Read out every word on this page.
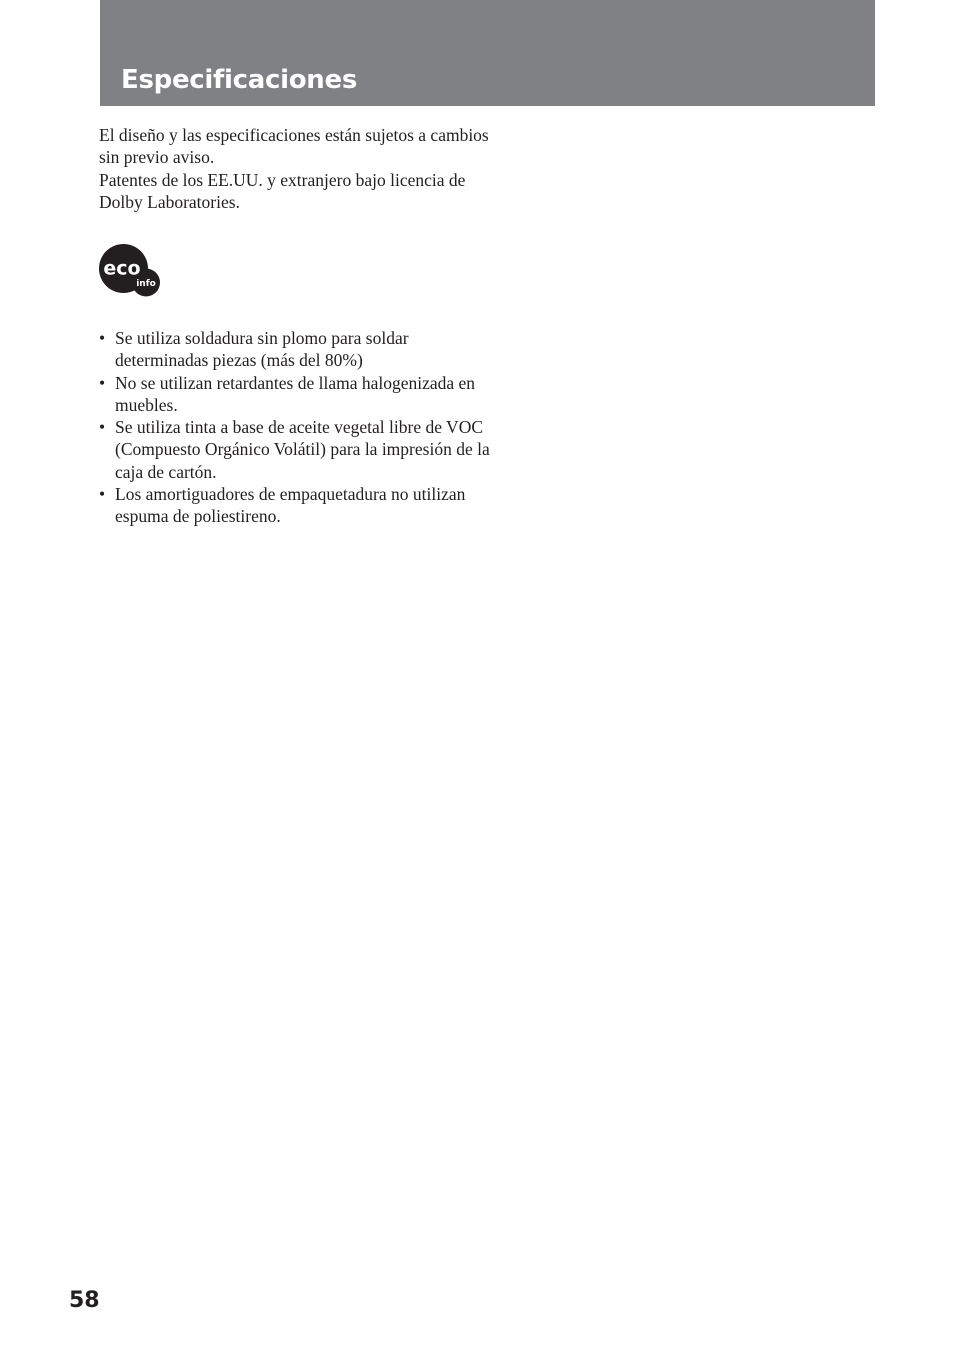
Especificaciones

El diseño y las especificaciones están sujetos a cambios sin previo aviso.

Patentes de los EE.UU. y extranjero bajo licencia de Dolby Laboratories.

eco
info
• Se utiliza soldadura sin plomo para soldar determinadas piezas (más del 80%)
• No se utilizan retardantes de llama halogenizada en muebles.
• Se utiliza tinta a base de aceite vegetal libre de VOC (Compuesto Orgánico Volátil) para la impresión de la caja de cartón.
• Los amortiguadores de empaquetadura no utilizan espuma de poliestireno.
58
